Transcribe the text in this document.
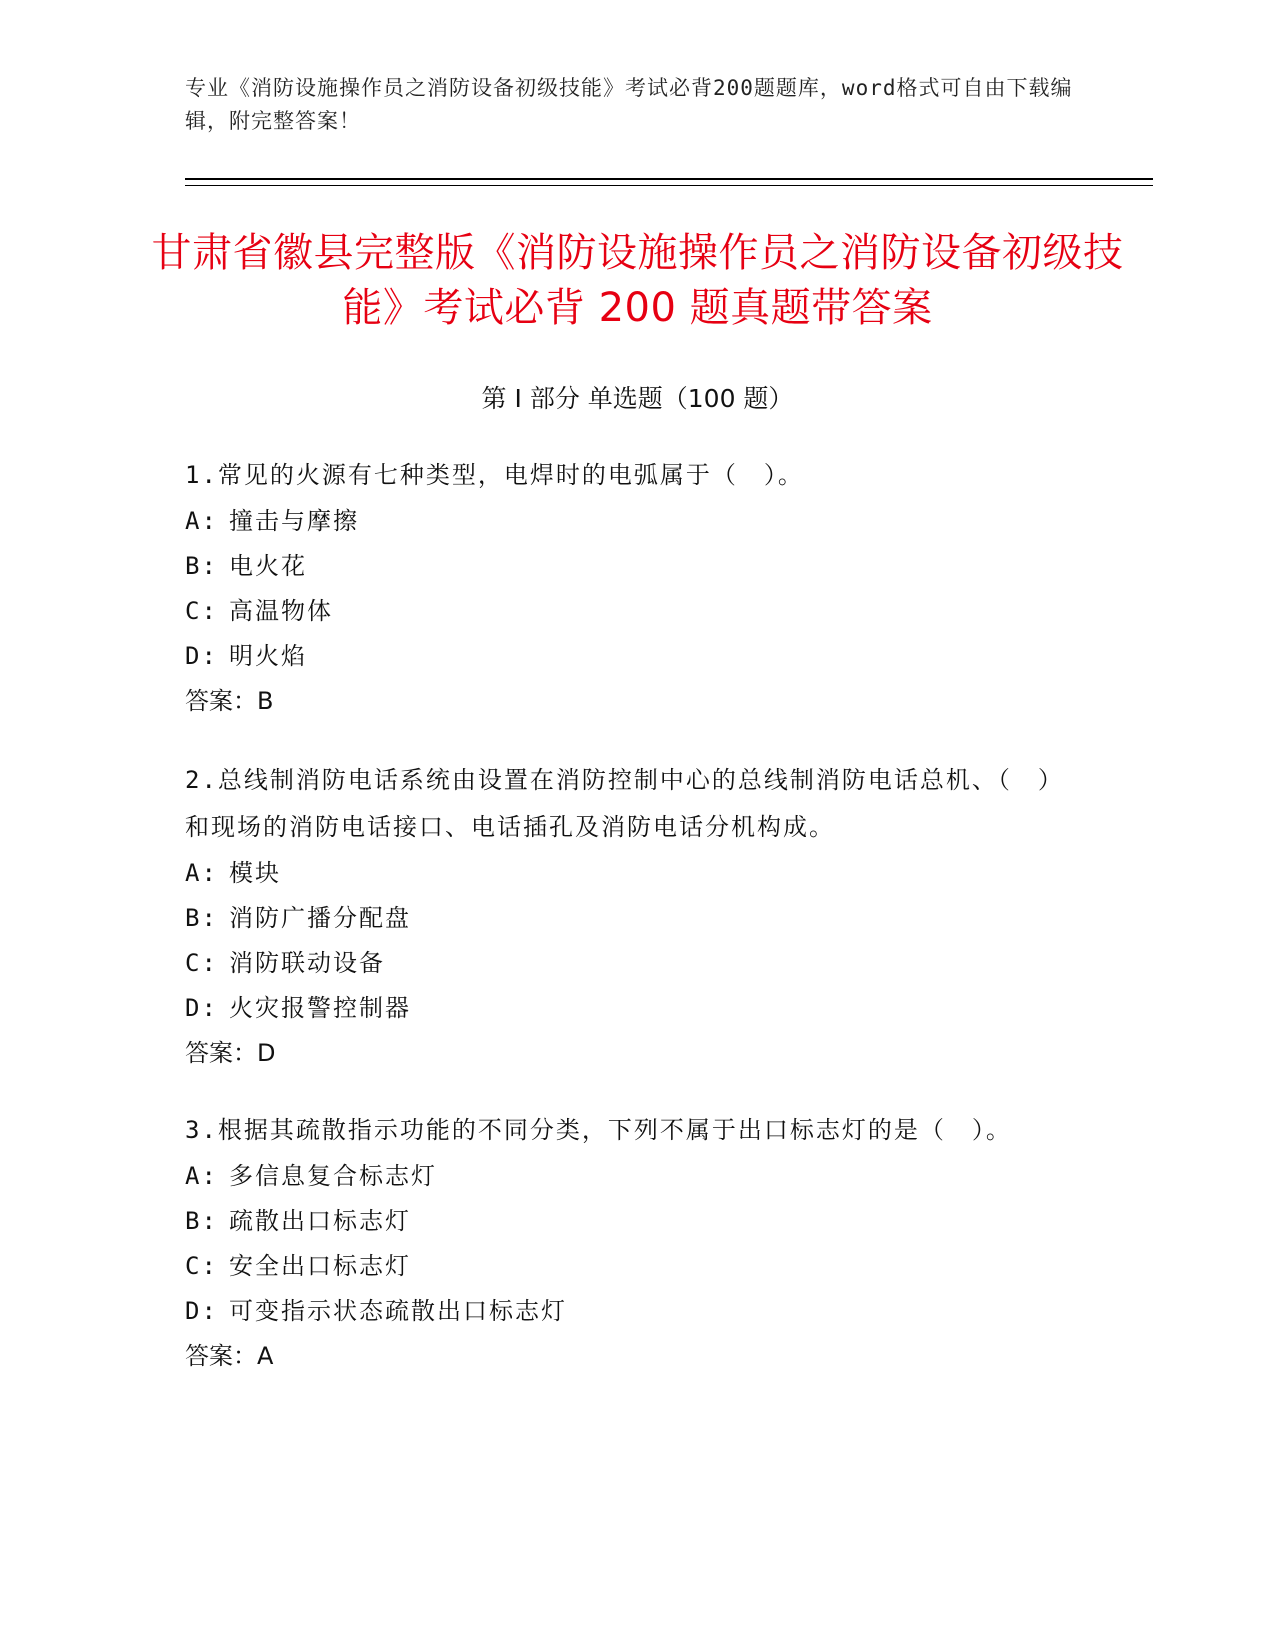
专业《消防设施操作员之消防设备初级技能》考试必背200题题库，word格式可自由下载编辑，附完整答案！
甘肃省徽县完整版《消防设施操作员之消防设备初级技能》考试必背 200 题真题带答案
第 I 部分 单选题（100 题）

1.常见的火源有七种类型，电焊时的电弧属于（　）。

A: 撞击与摩擦

B: 电火花

C: 高温物体

D: 明火焰

答案：B

2.总线制消防电话系统由设置在消防控制中心的总线制消防电话总机、（　）和现场的消防电话接口、电话插孔及消防电话分机构成。

A: 模块

B: 消防广播分配盘

C: 消防联动设备

D: 火灾报警控制器

答案：D

3.根据其疏散指示功能的不同分类，下列不属于出口标志灯的是（　）。

A: 多信息复合标志灯

B: 疏散出口标志灯

C: 安全出口标志灯

D: 可变指示状态疏散出口标志灯

答案：A
